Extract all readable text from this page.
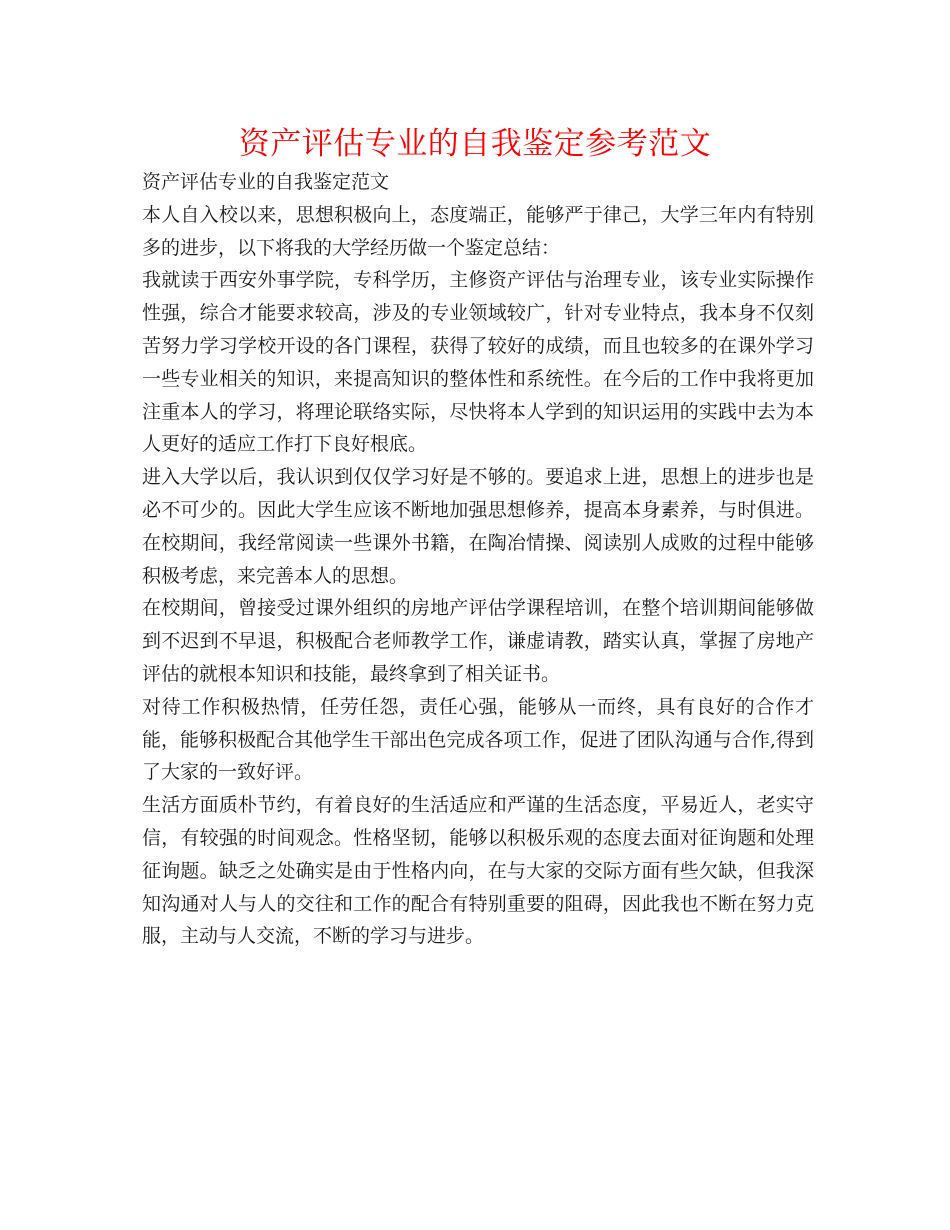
资产评估专业的自我鉴定参考范文

资产评估专业的自我鉴定范文

本人自入校以来，思想积极向上，态度端正，能够严于律己，大学三年内有特别多的进步，以下将我的大学经历做一个鉴定总结：

我就读于西安外事学院，专科学历，主修资产评估与治理专业，该专业实际操作性强，综合才能要求较高，涉及的专业领域较广，针对专业特点，我本身不仅刻苦努力学习学校开设的各门课程，获得了较好的成绩，而且也较多的在课外学习一些专业相关的知识，来提高知识的整体性和系统性。在今后的工作中我将更加注重本人的学习，将理论联络实际，尽快将本人学到的知识运用的实践中去为本人更好的适应工作打下良好根底。

进入大学以后，我认识到仅仅学习好是不够的。要追求上进，思想上的进步也是必不可少的。因此大学生应该不断地加强思想修养，提高本身素养，与时俱进。在校期间，我经常阅读一些课外书籍，在陶冶情操、阅读别人成败的过程中能够积极考虑，来完善本人的思想。

在校期间，曾接受过课外组织的房地产评估学课程培训，在整个培训期间能够做到不迟到不早退，积极配合老师教学工作，谦虚请教，踏实认真，掌握了房地产评估的就根本知识和技能，最终拿到了相关证书。

对待工作积极热情，任劳任怨，责任心强，能够从一而终，具有良好的合作才能，能够积极配合其他学生干部出色完成各项工作，促进了团队沟通与合作,得到了大家的一致好评。

生活方面质朴节约，有着良好的生活适应和严谨的生活态度，平易近人，老实守信，有较强的时间观念。性格坚韧，能够以积极乐观的态度去面对征询题和处理征询题。缺乏之处确实是由于性格内向，在与大家的交际方面有些欠缺，但我深知沟通对人与人的交往和工作的配合有特别重要的阻碍，因此我也不断在努力克服，主动与人交流，不断的学习与进步。
